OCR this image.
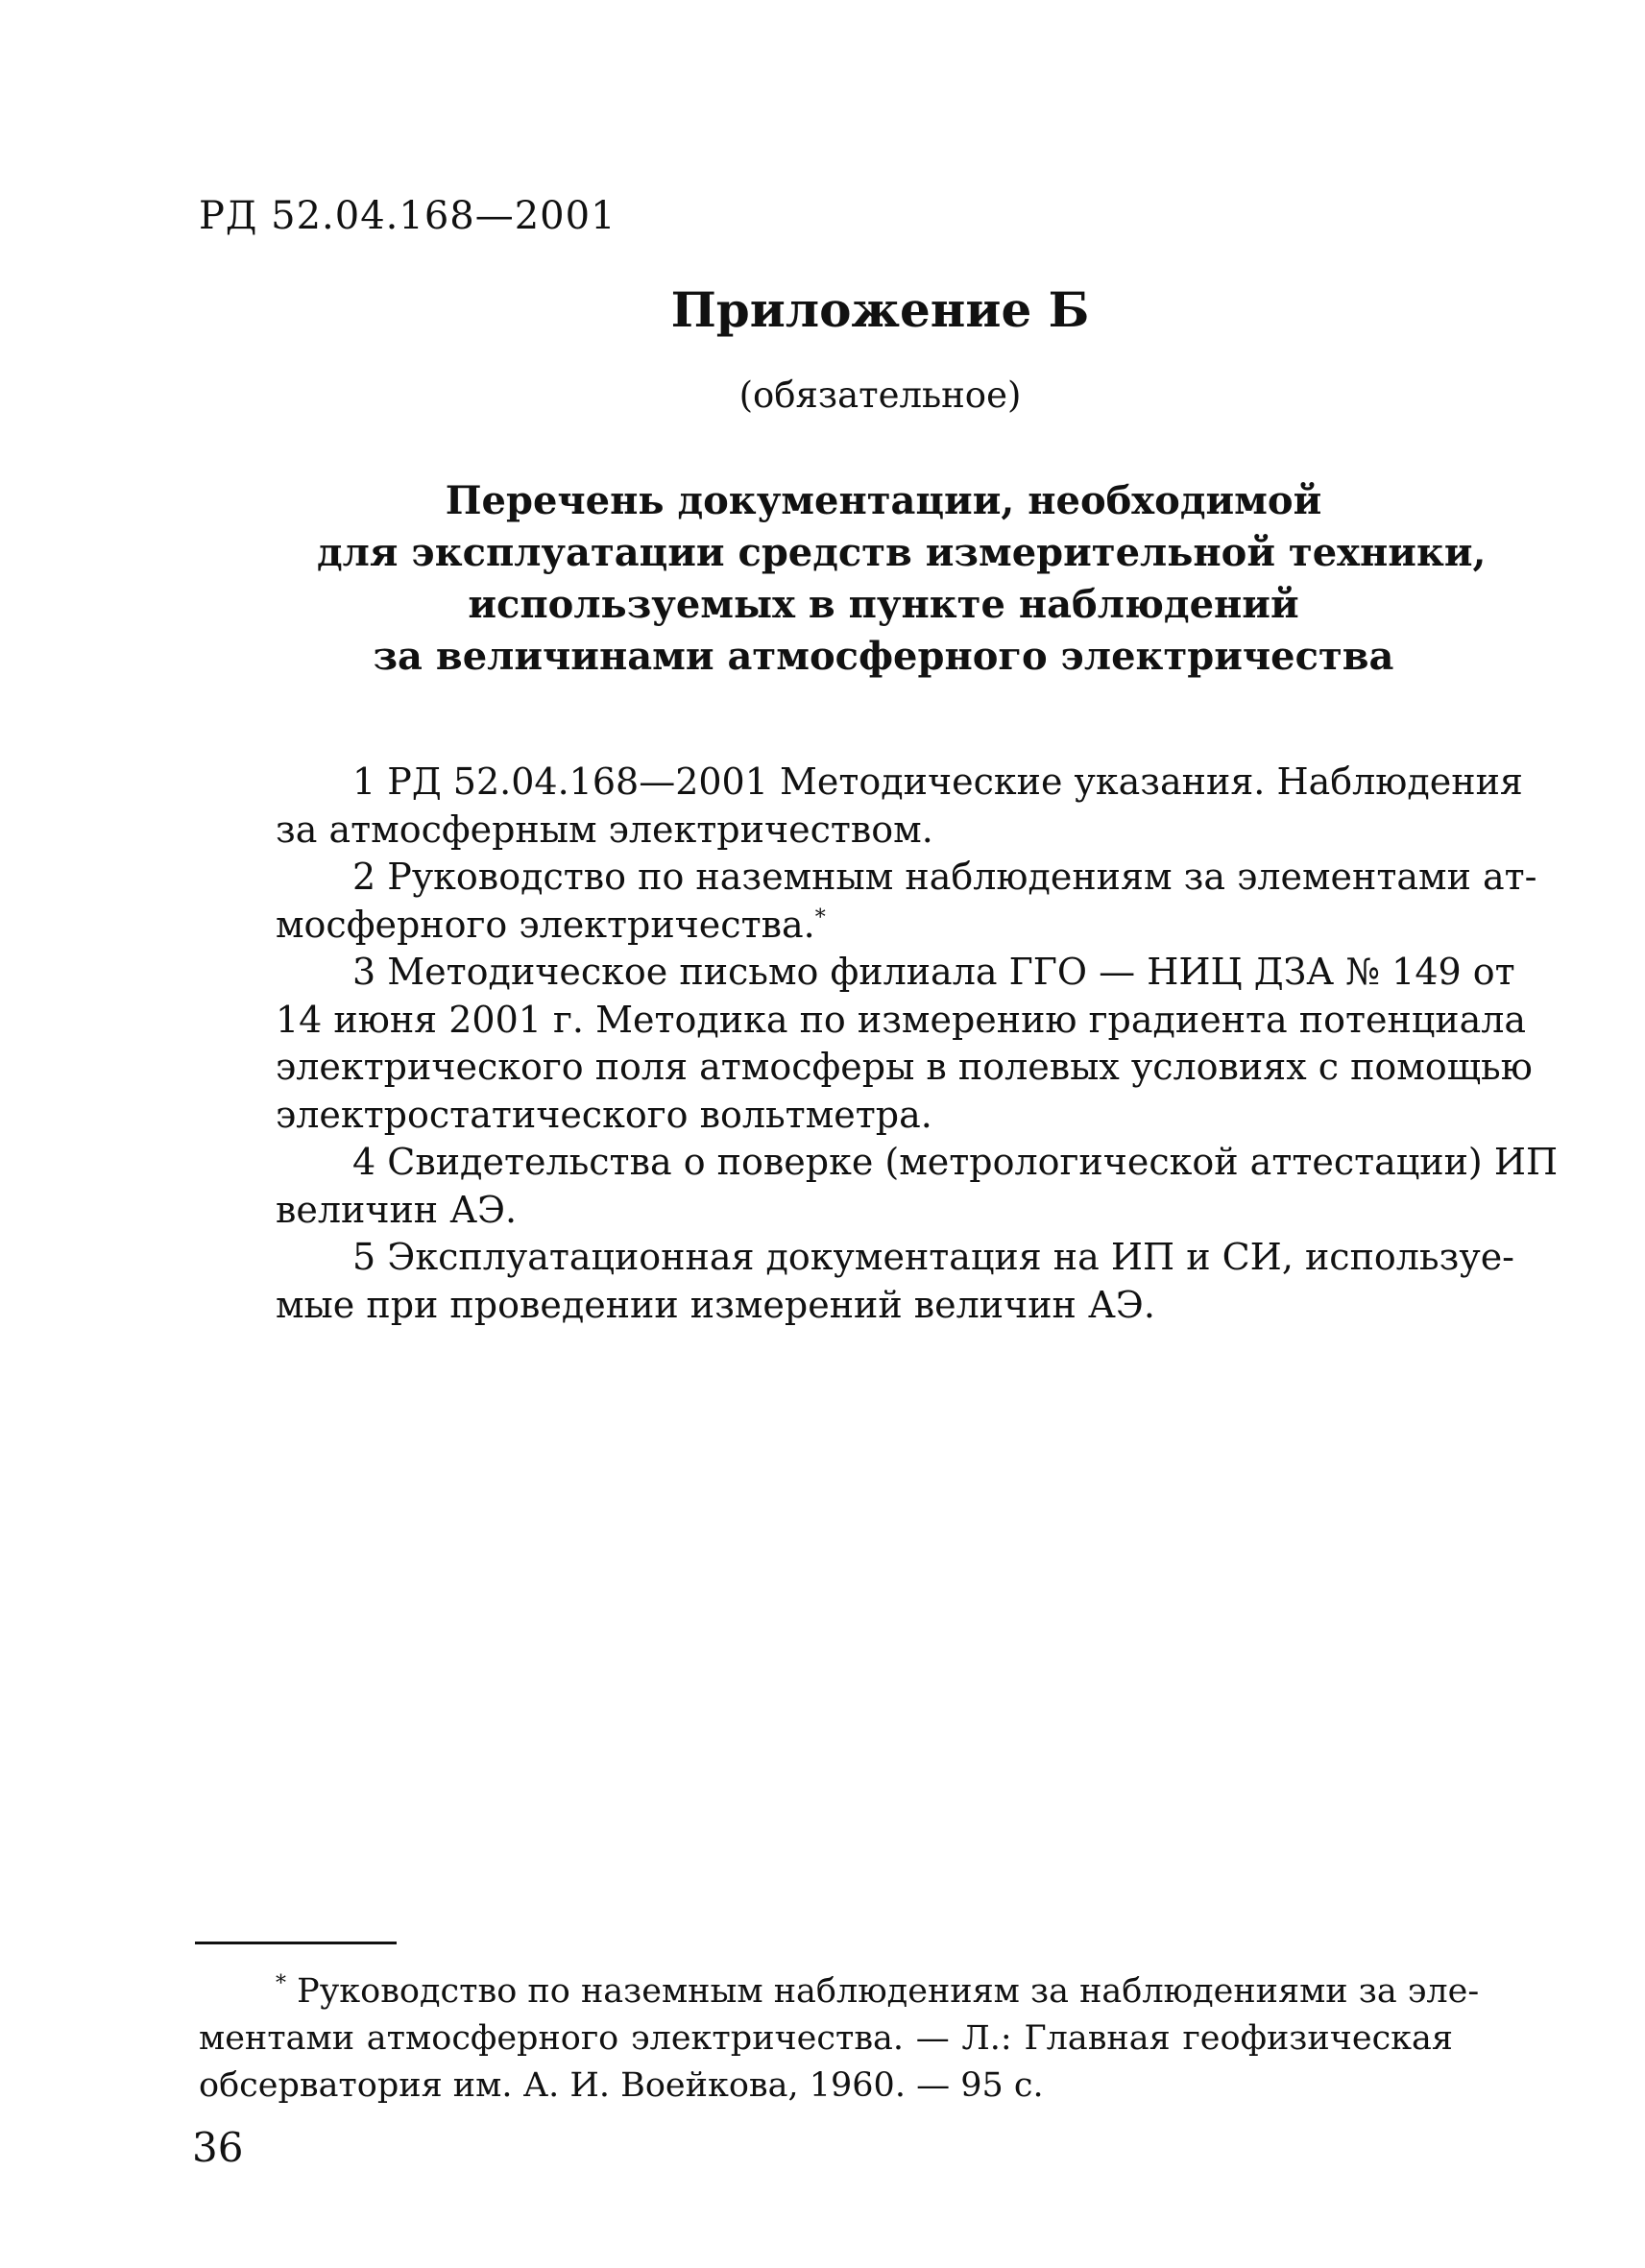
РД 52.04.168—2001
Приложение Б
(обязательное)
Перечень документации, необходимой
для эксплуатации средств измерительной техники,
используемых в пункте наблюдений
за величинами атмосферного электричества
1 РД 52.04.168—2001 Методические указания. Наблюдения
за атмосферным электричеством.
2 Руководство по наземным наблюдениям за элементами ат-
мосферного электричества.*
3 Методическое письмо филиала ГГО — НИЦ ДЗА № 149 от
14 июня 2001 г. Методика по измерению градиента потенциала
электрического поля атмосферы в полевых условиях с помощью
электростатического вольтметра.
4 Свидетельства о поверке (метрологической аттестации) ИП
величин АЭ.
5 Эксплуатационная документация на ИП и СИ, используе-
мые при проведении измерений величин АЭ.
* Руководство по наземным наблюдениям за наблюдениями за эле-
ментами атмосферного электричества. — Л.: Главная геофизическая
обсерватория им. А. И. Воейкова, 1960. — 95 с.
36
